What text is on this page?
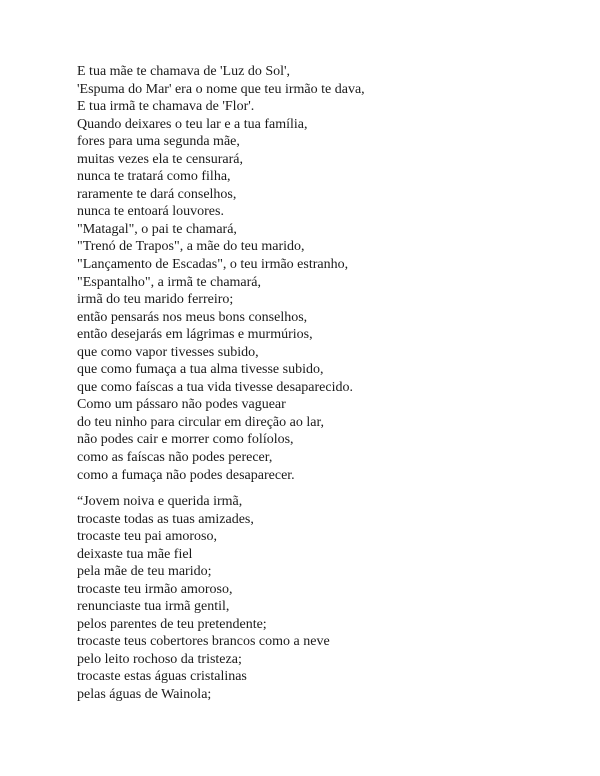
E tua mãe te chamava de 'Luz do Sol',
'Espuma do Mar' era o nome que teu irmão te dava,
E tua irmã te chamava de 'Flor'.
Quando deixares o teu lar e a tua família,
fores para uma segunda mãe,
muitas vezes ela te censurará,
nunca te tratará como filha,
raramente te dará conselhos,
nunca te entoará louvores.
"Matagal", o pai te chamará,
"Trenó de Trapos", a mãe do teu marido,
"Lançamento de Escadas", o teu irmão estranho,
"Espantalho", a irmã te chamará,
irmã do teu marido ferreiro;
então pensarás nos meus bons conselhos,
então desejarás em lágrimas e murmúrios,
que como vapor tivesses subido,
que como fumaça a tua alma tivesse subido,
que como faíscas a tua vida tivesse desaparecido.
Como um pássaro não podes vaguear
do teu ninho para circular em direção ao lar,
não podes cair e morrer como folíolos,
como as faíscas não podes perecer,
como a fumaça não podes desaparecer.
“Jovem noiva e querida irmã,
trocaste todas as tuas amizades,
trocaste teu pai amoroso,
deixaste tua mãe fiel
pela mãe de teu marido;
trocaste teu irmão amoroso,
renunciaste tua irmã gentil,
pelos parentes de teu pretendente;
trocaste teus cobertores brancos como a neve
pelo leito rochoso da tristeza;
trocaste estas águas cristalinas
pelas águas de Wainola;
